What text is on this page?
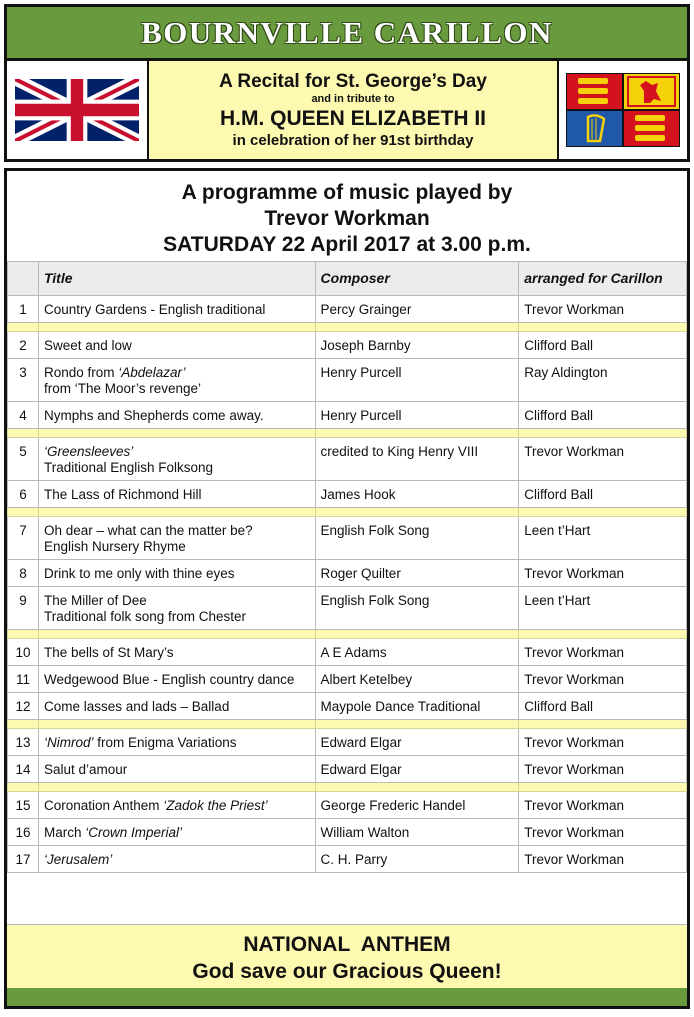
BOURNVILLE CARILLON
A Recital for St. George’s Day
and in tribute to
H.M. QUEEN ELIZABETH II
in celebration of her 91st birthday
A programme of music played by
Trevor Workman
SATURDAY 22 April 2017 at 3.00 p.m.
	Title	Composer	arranged for Carillon
1	Country Gardens - English traditional	Percy Grainger	Trevor Workman

2	Sweet and low	Joseph Barnby	Clifford Ball
3	Rondo from ‘Abdelazar’
from ‘The Moor’s revenge’	Henry Purcell	Ray Aldington
4	Nymphs and Shepherds come away.	Henry Purcell	Clifford Ball

5	‘Greensleeves’
Traditional English Folksong	credited to King Henry VIII	Trevor Workman
6	The Lass of Richmond Hill	James Hook	Clifford Ball

7	Oh dear – what can the matter be?
English Nursery Rhyme	English Folk Song	Leen t’Hart
8	Drink to me only with thine eyes	Roger Quilter	Trevor Workman
9	The Miller of Dee
Traditional folk song from Chester	English Folk Song	Leen t’Hart

10	The bells of St Mary’s	A E Adams	Trevor Workman
11	Wedgewood Blue - English country dance	Albert Ketelbey	Trevor Workman
12	Come lasses and lads – Ballad	Maypole Dance Traditional	Clifford Ball

13	‘Nimrod’ from Enigma Variations	Edward Elgar	Trevor Workman
14	Salut d’amour	Edward Elgar	Trevor Workman

15	Coronation Anthem ‘Zadok the Priest’	George Frederic Handel	Trevor Workman
16	March ‘Crown Imperial’	William Walton	Trevor Workman
17	‘Jerusalem’	C. H. Parry	Trevor Workman
NATIONAL  ANTHEM
God save our Gracious Queen!
